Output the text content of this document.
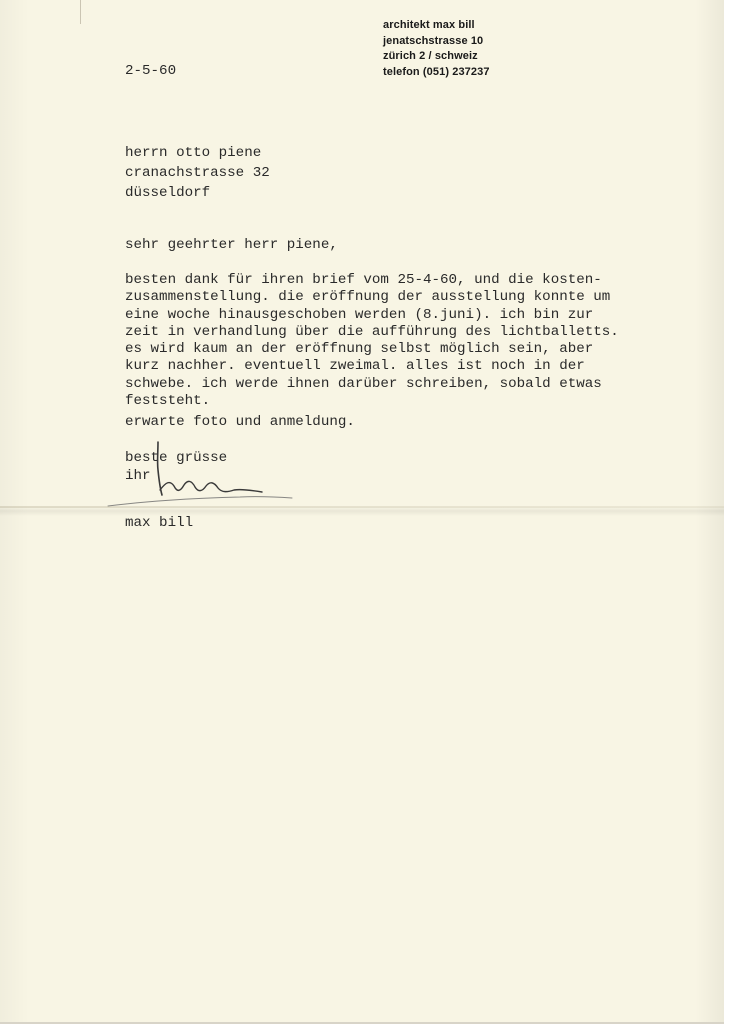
architekt max bill
jenatschstrasse 10
zürich 2 / schweiz
telefon (051) 237237
2-5-60
herrn otto piene
cranachstrasse 32
düsseldorf
sehr geehrter herr piene,
besten dank für ihren brief vom 25-4-60, und die kosten-
zusammenstellung. die eröffnung der ausstellung konnte um
eine woche hinausgeschoben werden (8.juni). ich bin zur
zeit in verhandlung über die aufführung des lichtballetts.
es wird kaum an der eröffnung selbst möglich sein, aber
kurz nachher. eventuell zweimal. alles ist noch in der
schwebe. ich werde ihnen darüber schreiben, sobald etwas
feststeht.
erwarte foto und anmeldung.
beste grüsse
ihr
max bill
